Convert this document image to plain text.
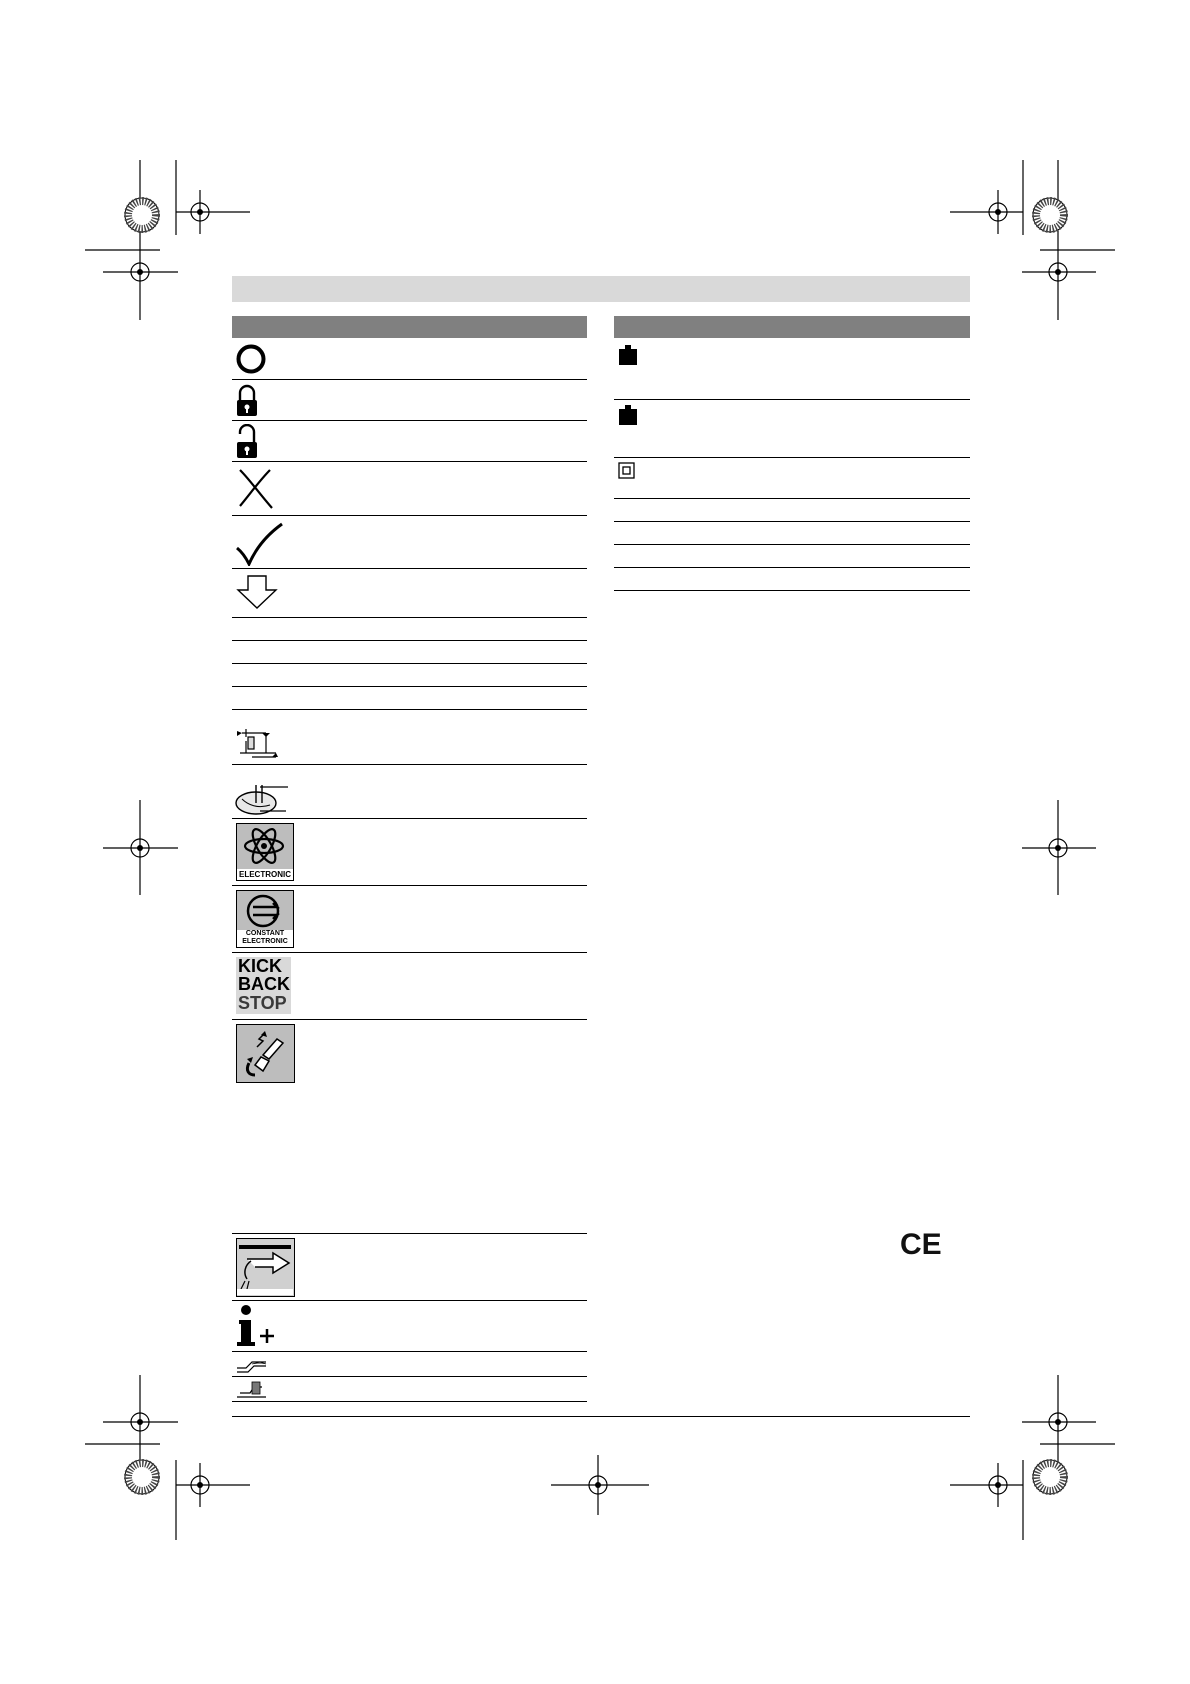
ELECTRONIC
CONSTANT
ELECTRONIC
KICK
BACK
STOP
CE
